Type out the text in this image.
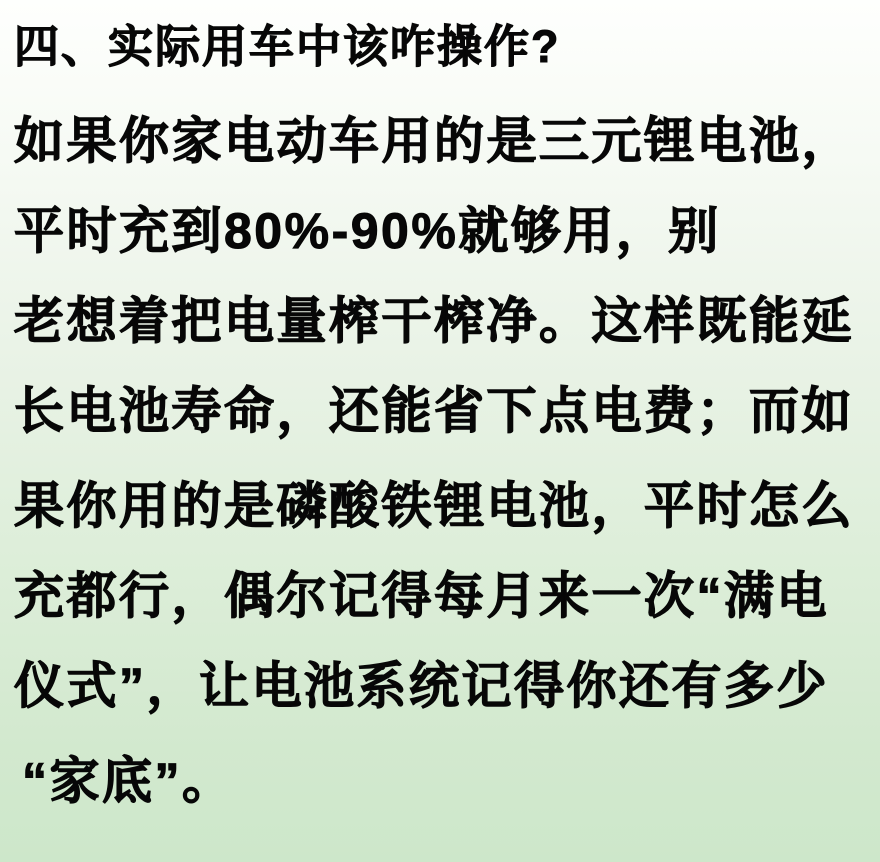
四、实际用车中该咋操作?
如果你家电动车用的是三元锂电池，
平时充到80%-90%就够用，别
老想着把电量榨干榨净。这样既能延
长电池寿命，还能省下点电费；而如
果你用的是磷酸铁锂电池，平时怎么
充都行，偶尔记得每月来一次“满电
仪式”，让电池系统记得你还有多少
“家底”。
